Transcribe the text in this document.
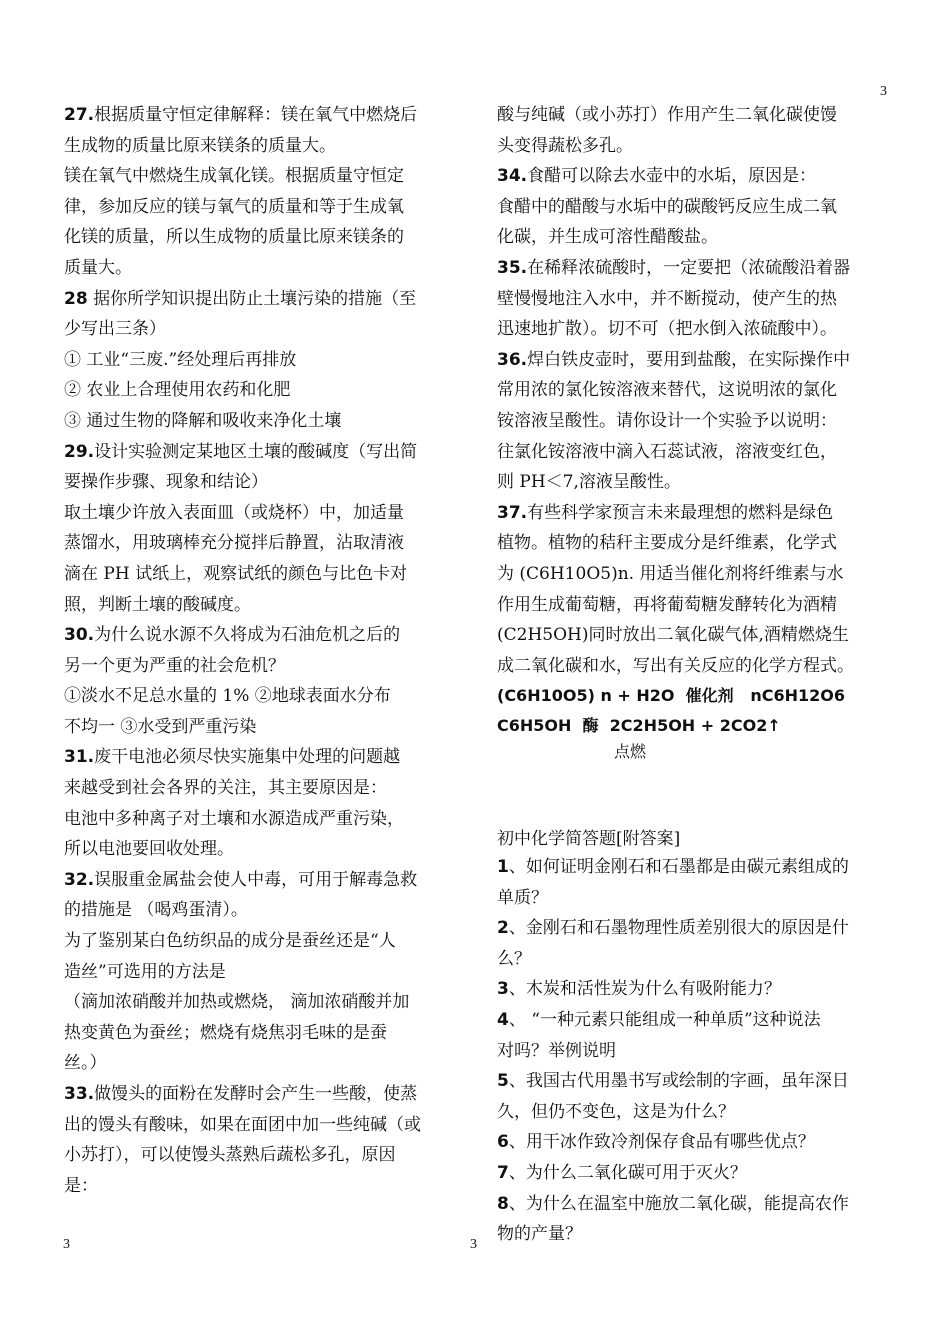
3
3	3
27.根据质量守恒定律解释：镁在氧气中燃烧后
生成物的质量比原来镁条的质量大。
镁在氧气中燃烧生成氧化镁。根据质量守恒定
律，参加反应的镁与氧气的质量和等于生成氧
化镁的质量，所以生成物的质量比原来镁条的
质量大。
28 据你所学知识提出防止土壤污染的措施（至
少写出三条）
① 工业“三废.”经处理后再排放
② 农业上合理使用农药和化肥
③ 通过生物的降解和吸收来净化土壤
29.设计实验测定某地区土壤的酸碱度（写出简
要操作步骤、现象和结论）
取土壤少许放入表面皿（或烧杯）中，加适量
蒸馏水，用玻璃棒充分搅拌后静置，沾取清液
滴在 PH 试纸上，观察试纸的颜色与比色卡对
照，判断土壤的酸碱度。
30.为什么说水源不久将成为石油危机之后的
另一个更为严重的社会危机？
①淡水不足总水量的 1% ②地球表面水分布
不均一 ③水受到严重污染
31.废干电池必须尽快实施集中处理的问题越
来越受到社会各界的关注，其主要原因是：
电池中多种离子对土壤和水源造成严重污染，
所以电池要回收处理。
32.误服重金属盐会使人中毒，可用于解毒急救
的措施是 （喝鸡蛋清）。
为了鉴别某白色纺织品的成分是蚕丝还是“人
造丝”可选用的方法是
（滴加浓硝酸并加热或燃烧， 滴加浓硝酸并加
热变黄色为蚕丝；燃烧有烧焦羽毛味的是蚕
丝。）
33.做馒头的面粉在发酵时会产生一些酸，使蒸
出的馒头有酸味，如果在面团中加一些纯碱（或
小苏打），可以使馒头蒸熟后蔬松多孔，原因
是：
酸与纯碱（或小苏打）作用产生二氧化碳使馒
头变得蔬松多孔。
34.食醋可以除去水壶中的水垢，原因是：
食醋中的醋酸与水垢中的碳酸钙反应生成二氧
化碳，并生成可溶性醋酸盐。
35.在稀释浓硫酸时，一定要把（浓硫酸沿着器
壁慢慢地注入水中，并不断搅动，使产生的热
迅速地扩散）。切不可（把水倒入浓硫酸中）。
36.焊白铁皮壶时，要用到盐酸，在实际操作中
常用浓的氯化铵溶液来替代，这说明浓的氯化
铵溶液呈酸性。请你设计一个实验予以说明：
往氯化铵溶液中滴入石蕊试液，溶液变红色，
则 PH＜7,溶液呈酸性。
37.有些科学家预言未来最理想的燃料是绿色
植物。植物的秸秆主要成分是纤维素，化学式
为 (C6H10O5)n. 用适当催化剂将纤维素与水
作用生成葡萄糖，再将葡萄糖发酵转化为酒精
(C2H5OH)同时放出二氧化碳气体,酒精燃烧生
成二氧化碳和水，写出有关反应的化学方程式。
(C6H10O5) n + H2O  催化剂   nC6H12O6
C6H5OH  酶  2C2H5OH + 2CO2↑
点燃
初中化学简答题[附答案]
1、如何证明金刚石和石墨都是由碳元素组成的
单质？
2、金刚石和石墨物理性质差别很大的原因是什
么？
3、木炭和活性炭为什么有吸附能力？
4、 “一种元素只能组成一种单质”这种说法
对吗？举例说明
5、我国古代用墨书写或绘制的字画，虽年深日
久，但仍不变色，这是为什么？
6、用干冰作致冷剂保存食品有哪些优点？
7、为什么二氧化碳可用于灭火？
8、为什么在温室中施放二氧化碳，能提高农作
物的产量？
